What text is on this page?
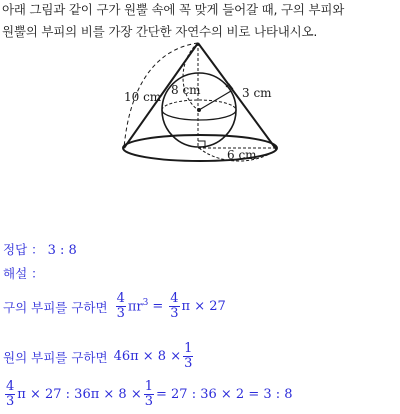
아래 그림과 같이 구가 원뿔 속에 꼭 맞게 들어갈 때, 구의 부피와
원뿔의 부피의 비를 가장 간단한 자연수의 비로 나타내시오.
10 cm 8 cm	3 cm
6 cm
정답 ： 3 : 8
해설 ：
구의 부피를 구하면 $\frac{4}{3} \pi r^3 = \frac{4}{3}$ π × 27
원의 부피를 구하면 $46\pi \times 8 \times \frac{1}{3}$
$\frac{4}{3}$ π × 27 : $36\pi \times 8 \times \frac{1}{3} = 27$ : 36 × 2 = 3 : 8
